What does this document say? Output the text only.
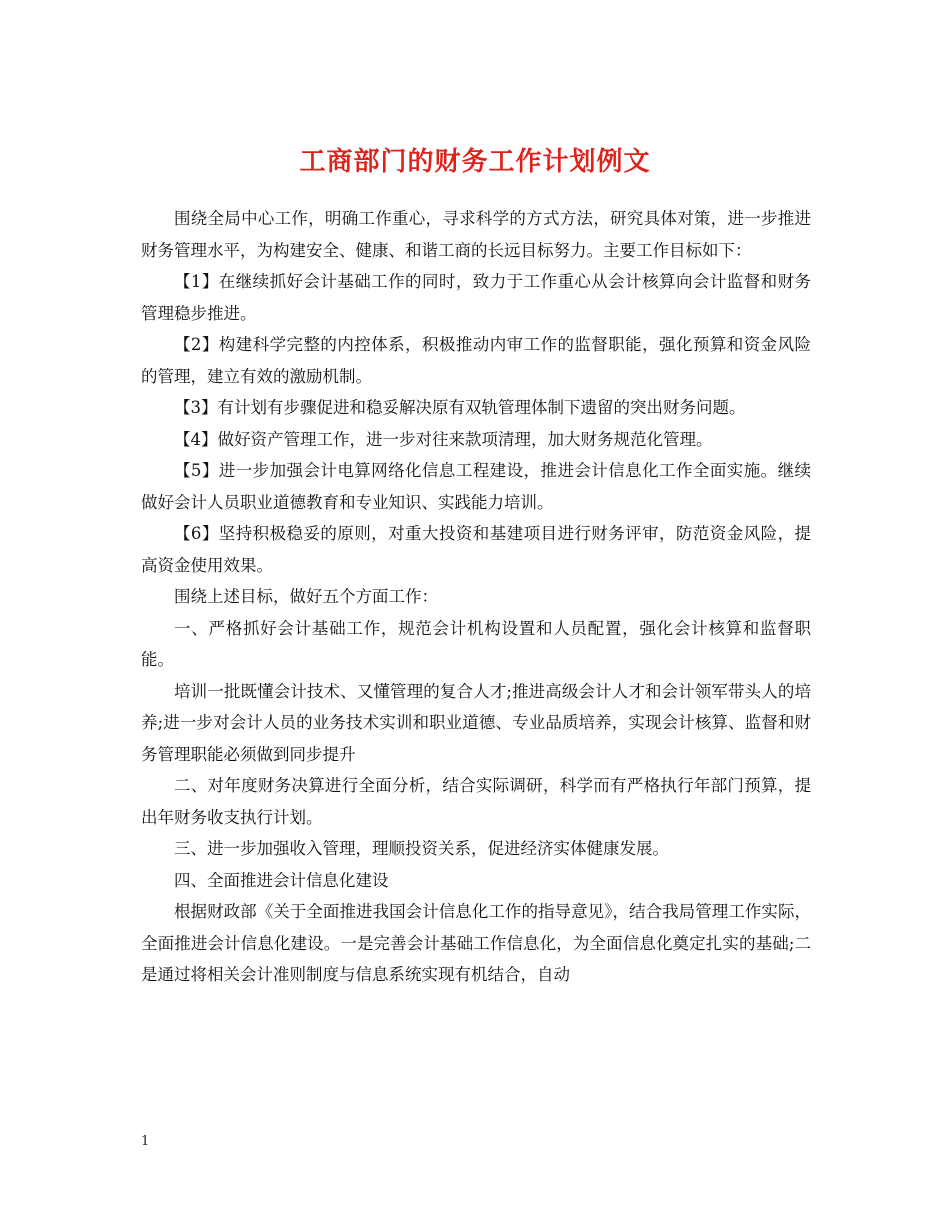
工商部门的财务工作计划例文

围绕全局中心工作，明确工作重心，寻求科学的方式方法，研究具体对策，进一步推进财务管理水平，为构建安全、健康、和谐工商的长远目标努力。主要工作目标如下：

【1】在继续抓好会计基础工作的同时，致力于工作重心从会计核算向会计监督和财务管理稳步推进。

【2】构建科学完整的内控体系，积极推动内审工作的监督职能，强化预算和资金风险的管理，建立有效的激励机制。

【3】有计划有步骤促进和稳妥解决原有双轨管理体制下遗留的突出财务问题。

【4】做好资产管理工作，进一步对往来款项清理，加大财务规范化管理。

【5】进一步加强会计电算网络化信息工程建设，推进会计信息化工作全面实施。继续做好会计人员职业道德教育和专业知识、实践能力培训。

【6】坚持积极稳妥的原则，对重大投资和基建项目进行财务评审，防范资金风险，提高资金使用效果。

围绕上述目标，做好五个方面工作：

一、严格抓好会计基础工作，规范会计机构设置和人员配置，强化会计核算和监督职能。

培训一批既懂会计技术、又懂管理的复合人才;推进高级会计人才和会计领军带头人的培养;进一步对会计人员的业务技术实训和职业道德、专业品质培养，实现会计核算、监督和财务管理职能必须做到同步提升

二、对年度财务决算进行全面分析，结合实际调研，科学而有严格执行年部门预算，提出年财务收支执行计划。

三、进一步加强收入管理，理顺投资关系，促进经济实体健康发展。

四、全面推进会计信息化建设

根据财政部《关于全面推进我国会计信息化工作的指导意见》，结合我局管理工作实际，全面推进会计信息化建设。一是完善会计基础工作信息化，为全面信息化奠定扎实的基础;二是通过将相关会计准则制度与信息系统实现有机结合，自动

1
